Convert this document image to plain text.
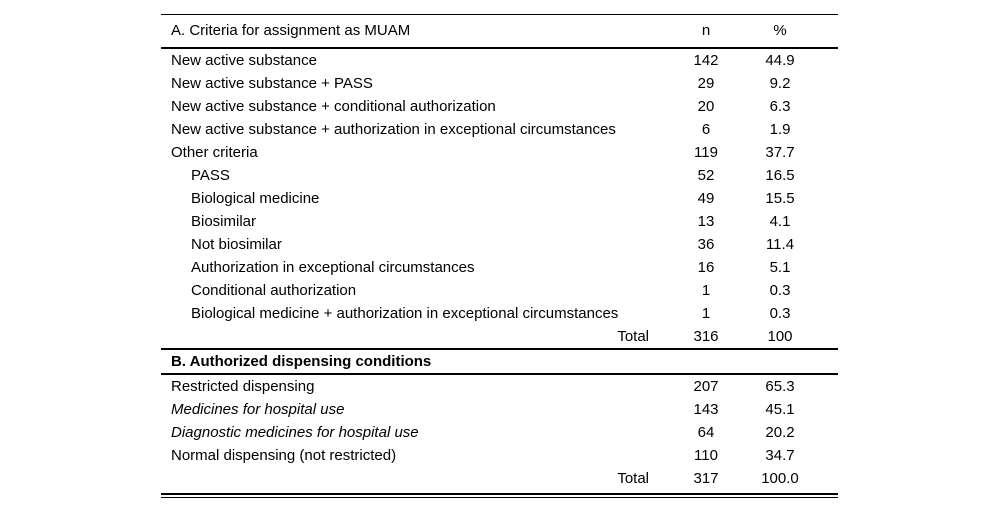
A. Criteria for assignment as MUAM	n	%
New active substance	142	44.9
New active substance + PASS	29	9.2
New active substance + conditional authorization	20	6.3
New active substance + authorization in exceptional circumstances	6	1.9
Other criteria	119	37.7
PASS	52	16.5
Biological medicine	49	15.5
Biosimilar	13	4.1
Not biosimilar	36	11.4
Authorization in exceptional circumstances	16	5.1
Conditional authorization	1	0.3
Biological medicine + authorization in exceptional circumstances	1	0.3
Total	316	100
B. Authorized dispensing conditions
Restricted dispensing	207	65.3
Medicines for hospital use	143	45.1
Diagnostic medicines for hospital use	64	20.2
Normal dispensing (not restricted)	110	34.7
Total	317	100.0
